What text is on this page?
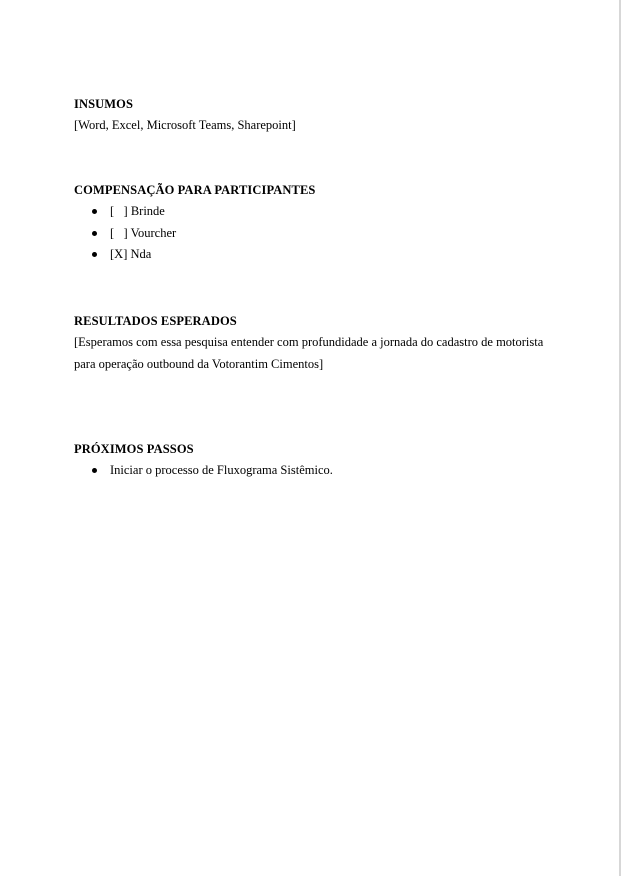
INSUMOS

[Word, Excel, Microsoft Teams, Sharepoint]

COMPENSAÇÃO PARA PARTICIPANTES

[   ] Brinde
[   ] Vourcher
[X] Nda

RESULTADOS ESPERADOS

[Esperamos com essa pesquisa entender com profundidade a jornada do cadastro de motorista

para operação outbound da Votorantim Cimentos]

PRÓXIMOS PASSOS

Iniciar o processo de Fluxograma Sistêmico.
